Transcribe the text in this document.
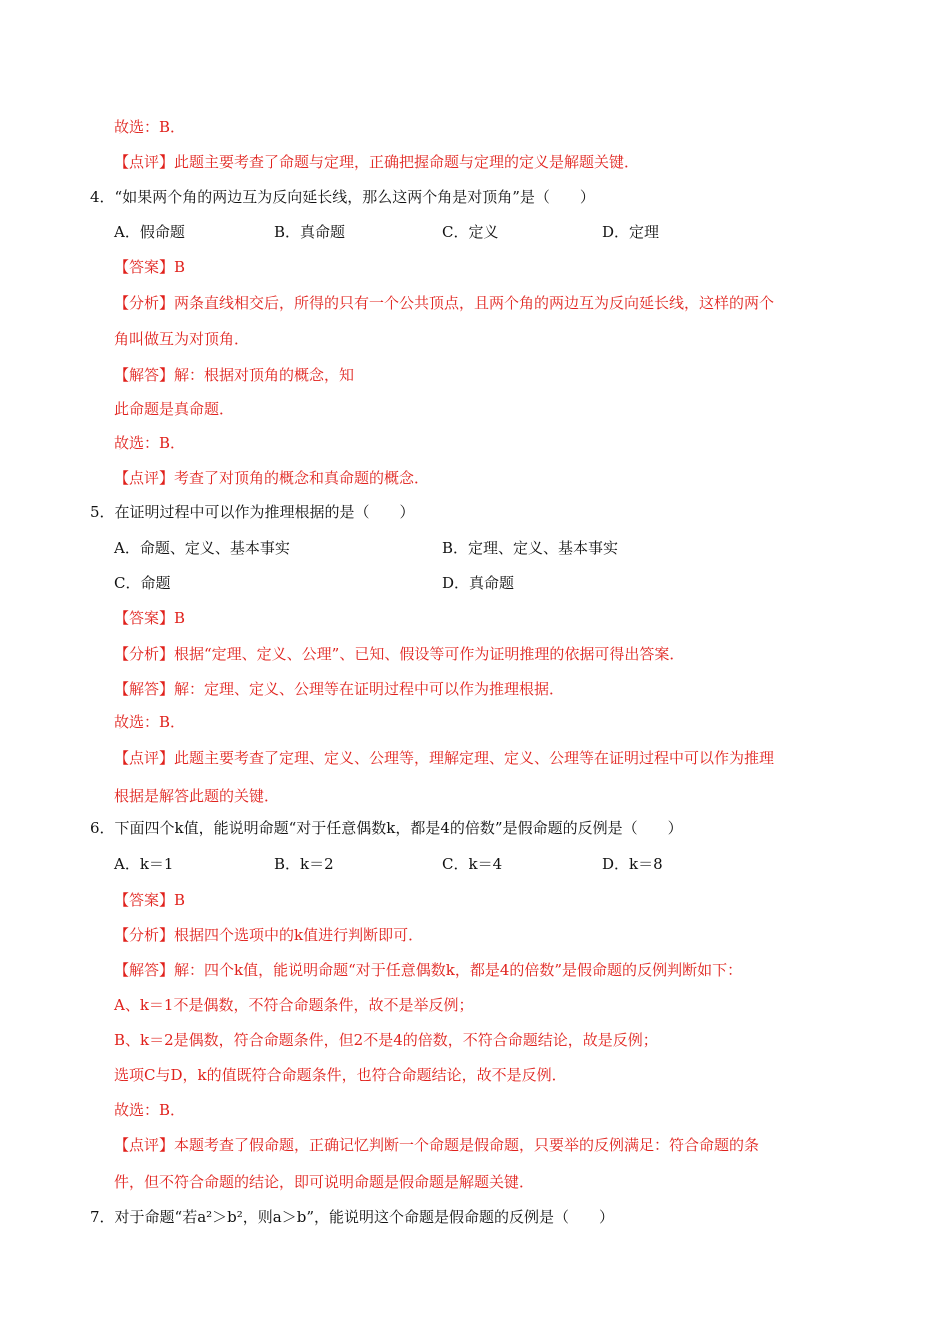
故选：B．
【点评】此题主要考查了命题与定理，正确把握命题与定理的定义是解题关键．
4．“如果两个角的两边互为反向延长线，那么这两个角是对顶角”是（　　）
A．假命题	B．真命题	C．定义	D．定理
【答案】B
【分析】两条直线相交后，所得的只有一个公共顶点，且两个角的两边互为反向延长线，这样的两个
角叫做互为对顶角．
【解答】解：根据对顶角的概念，知
此命题是真命题．
故选：B．
【点评】考查了对顶角的概念和真命题的概念．
5．在证明过程中可以作为推理根据的是（　　）
A．命题、定义、基本事实	B．定理、定义、基本事实
C．命题	D．真命题
【答案】B
【分析】根据“定理、定义、公理”、已知、假设等可作为证明推理的依据可得出答案．
【解答】解：定理、定义、公理等在证明过程中可以作为推理根据．
故选：B．
【点评】此题主要考查了定理、定义、公理等，理解定理、定义、公理等在证明过程中可以作为推理
根据是解答此题的关键．
6．下面四个k值，能说明命题“对于任意偶数k，都是4的倍数”是假命题的反例是（　　）
A．k＝1	B．k＝2	C．k＝4	D．k＝8
【答案】B
【分析】根据四个选项中的k值进行判断即可．
【解答】解：四个k值，能说明命题“对于任意偶数k，都是4的倍数”是假命题的反例判断如下：
A、k＝1不是偶数，不符合命题条件，故不是举反例；
B、k＝2是偶数，符合命题条件，但2不是4的倍数，不符合命题结论，故是反例；
选项C与D，k的值既符合命题条件，也符合命题结论，故不是反例．
故选：B．
【点评】本题考查了假命题，正确记忆判断一个命题是假命题，只要举的反例满足：符合命题的条
件，但不符合命题的结论，即可说明命题是假命题是解题关键．
7．对于命题“若a²＞b²，则a＞b”，能说明这个命题是假命题的反例是（　　）
